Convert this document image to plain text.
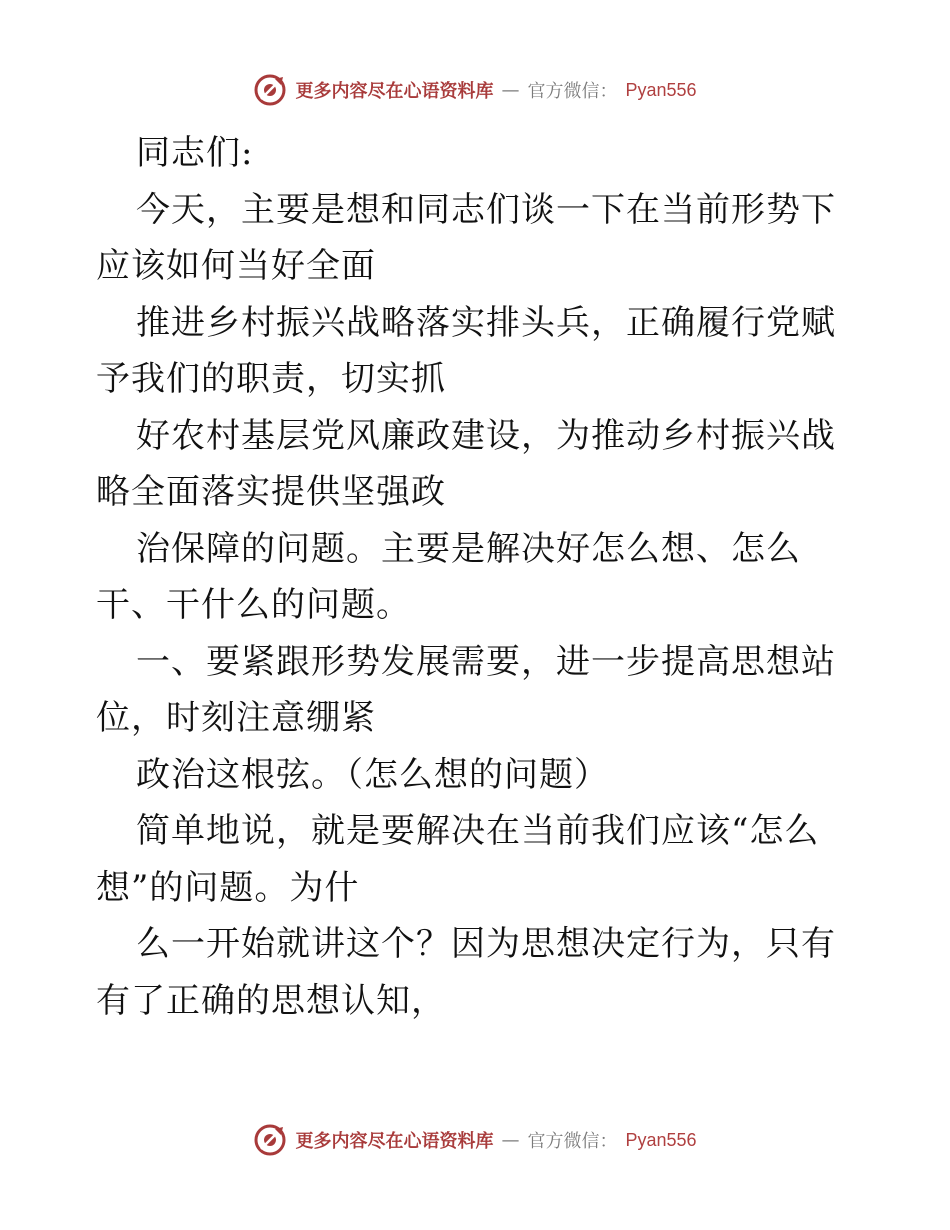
更多内容尽在心语资料库 — 官方微信： Pyan556

同志们:

今天，主要是想和同志们谈一下在当前形势下应该如何当好全面

推进乡村振兴战略落实排头兵，正确履行党赋予我们的职责，切实抓

好农村基层党风廉政建设，为推动乡村振兴战略全面落实提供坚强政

治保障的问题。主要是解决好怎么想、怎么干、干什么的问题。

一、要紧跟形势发展需要，进一步提高思想站位，时刻注意绷紧

政治这根弦。（怎么想的问题）

简单地说，就是要解决在当前我们应该“怎么想”的问题。为什

么一开始就讲这个？因为思想决定行为，只有有了正确的思想认知，

更多内容尽在心语资料库 — 官方微信： Pyan556
